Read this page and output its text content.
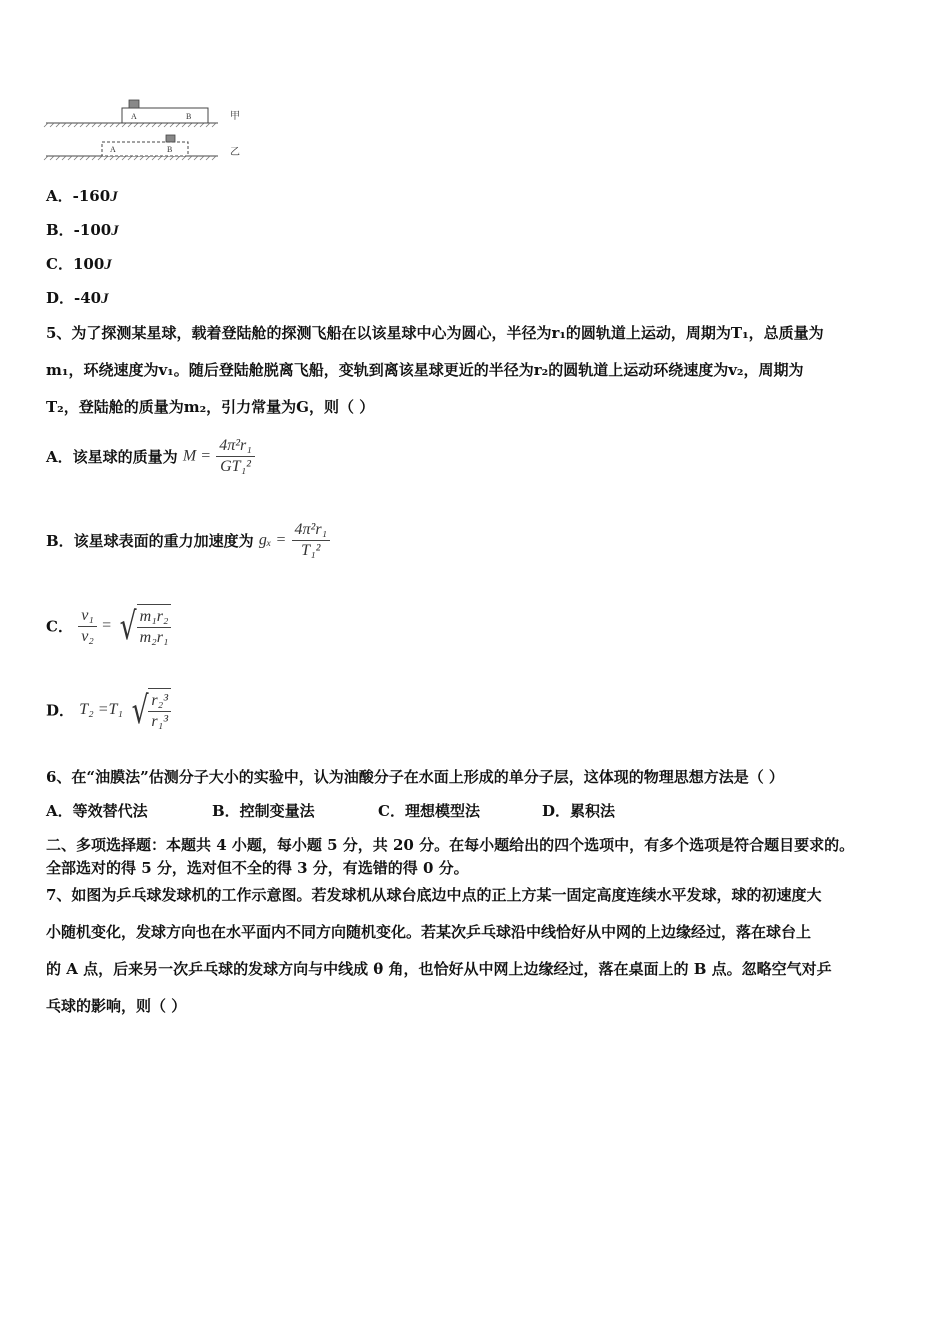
A	B	甲
A	B	乙
A．-160J
B．-100J
C．100J
D．-40J
5、为了探测某星球，载着登陆舱的探测飞船在以该星球中心为圆心，半径为r₁的圆轨道上运动，周期为T₁，总质量为
m₁，环绕速度为v₁。随后登陆舱脱离飞船，变轨到离该星球更近的半径为r₂的圆轨道上运动环绕速度为v₂，周期为
T₂，登陆舱的质量为m₂，引力常量为G，则（ ）
A．该星球的质量为 $M = \frac{\text{4π²r₁}}{\text{GT₁²}}$
B．该星球表面的重力加速度为 $g_x = \frac{\text{4π²r₁}}{\text{T₁²}}$
C． $\frac{\text{v₁}}{\text{v₂}}$ = √ $\frac{\text{m₁r₂}}{\text{m₂r₁}}$
D． T₂ =T₁ √ $\frac{\text{r₂³}}{\text{r₁³}}$
6、在“油膜法”估测分子大小的实验中，认为油酸分子在水面上形成的单分子层，这体现的物理思想方法是（ ）
A．等效替代法	B．控制变量法	C．理想模型法	D．累积法
二、多项选择题：本题共 4 小题，每小题 5 分，共 20 分。在每小题给出的四个选项中，有多个选项是符合题目要求的。
全部选对的得 5 分，选对但不全的得 3 分，有选错的得 0 分。
7、如图为乒乓球发球机的工作示意图。若发球机从球台底边中点的正上方某一固定高度连续水平发球，球的初速度大
小随机变化，发球方向也在水平面内不同方向随机变化。若某次乒乓球沿中线恰好从中网的上边缘经过，落在球台上
的 A 点，后来另一次乒乓球的发球方向与中线成 θ 角，也恰好从中网上边缘经过，落在桌面上的 B 点。忽略空气对乒
乓球的影响，则（ ）
